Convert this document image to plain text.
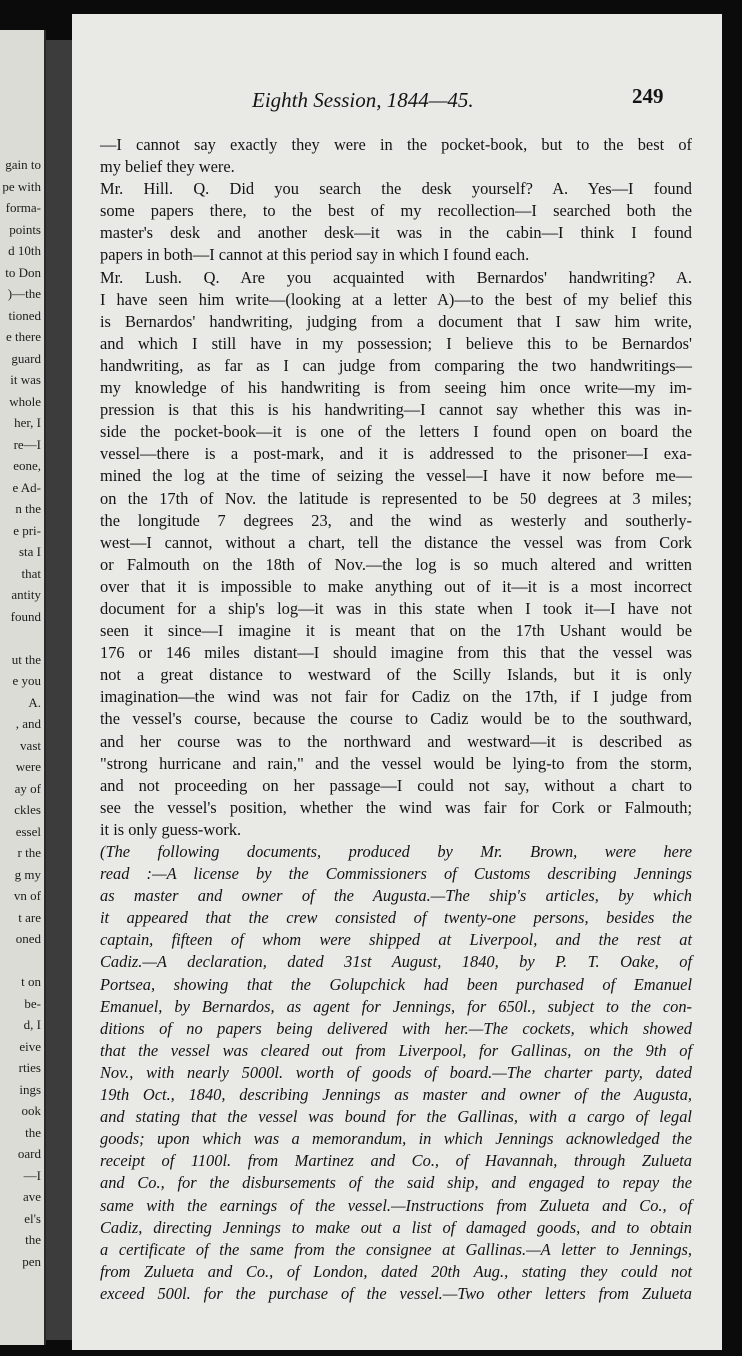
gain to
pe with
forma-
points
d 10th
to Don
)—the
tioned
e there
guard
it was
whole
her, I
re—I
eone,
e Ad-
n the
e pri-
sta I
that
antity
found
ut the
e you
A.
, and
vast
were
ay of
ckles
essel
r the
g my
vn of
t are
oned
t on
be-
d, I
eive
rties
ings
ook
the
oard
—I
ave
el's
the
pen
Eighth Session, 1844—45.	249
—I cannot say exactly they were in the pocket-book, but to the best of
my belief they were.
Mr. Hill. Q. Did you search the desk yourself? A. Yes—I found
some papers there, to the best of my recollection—I searched both the
master's desk and another desk—it was in the cabin—I think I found
papers in both—I cannot at this period say in which I found each.
Mr. Lush. Q. Are you acquainted with Bernardos' handwriting? A.
I have seen him write—(looking at a letter A)—to the best of my belief this
is Bernardos' handwriting, judging from a document that I saw him write,
and which I still have in my possession; I believe this to be Bernardos'
handwriting, as far as I can judge from comparing the two handwritings—
my knowledge of his handwriting is from seeing him once write—my im-
pression is that this is his handwriting—I cannot say whether this was in-
side the pocket-book—it is one of the letters I found open on board the
vessel—there is a post-mark, and it is addressed to the prisoner—I exa-
mined the log at the time of seizing the vessel—I have it now before me—
on the 17th of Nov. the latitude is represented to be 50 degrees at 3 miles;
the longitude 7 degrees 23, and the wind as westerly and southerly-
west—I cannot, without a chart, tell the distance the vessel was from Cork
or Falmouth on the 18th of Nov.—the log is so much altered and written
over that it is impossible to make anything out of it—it is a most incorrect
document for a ship's log—it was in this state when I took it—I have not
seen it since—I imagine it is meant that on the 17th Ushant would be
176 or 146 miles distant—I should imagine from this that the vessel was
not a great distance to westward of the Scilly Islands, but it is only
imagination—the wind was not fair for Cadiz on the 17th, if I judge from
the vessel's course, because the course to Cadiz would be to the southward,
and her course was to the northward and westward—it is described as
"strong hurricane and rain," and the vessel would be lying-to from the storm,
and not proceeding on her passage—I could not say, without a chart to
see the vessel's position, whether the wind was fair for Cork or Falmouth;
it is only guess-work.
(The following documents, produced by Mr. Brown, were here
read :—A license by the Commissioners of Customs describing Jennings
as master and owner of the Augusta.—The ship's articles, by which
it appeared that the crew consisted of twenty-one persons, besides the
captain, fifteen of whom were shipped at Liverpool, and the rest at
Cadiz.—A declaration, dated 31st August, 1840, by P. T. Oake, of
Portsea, showing that the Golupchick had been purchased of Emanuel
Emanuel, by Bernardos, as agent for Jennings, for 650l., subject to the con-
ditions of no papers being delivered with her.—The cockets, which showed
that the vessel was cleared out from Liverpool, for Gallinas, on the 9th of
Nov., with nearly 5000l. worth of goods of board.—The charter party, dated
19th Oct., 1840, describing Jennings as master and owner of the Augusta,
and stating that the vessel was bound for the Gallinas, with a cargo of legal
goods; upon which was a memorandum, in which Jennings acknowledged the
receipt of 1100l. from Martinez and Co., of Havannah, through Zulueta
and Co., for the disbursements of the said ship, and engaged to repay the
same with the earnings of the vessel.—Instructions from Zulueta and Co., of
Cadiz, directing Jennings to make out a list of damaged goods, and to obtain
a certificate of the same from the consignee at Gallinas.—A letter to Jennings,
from Zulueta and Co., of London, dated 20th Aug., stating they could not
exceed 500l. for the purchase of the vessel.—Two other letters from Zulueta
